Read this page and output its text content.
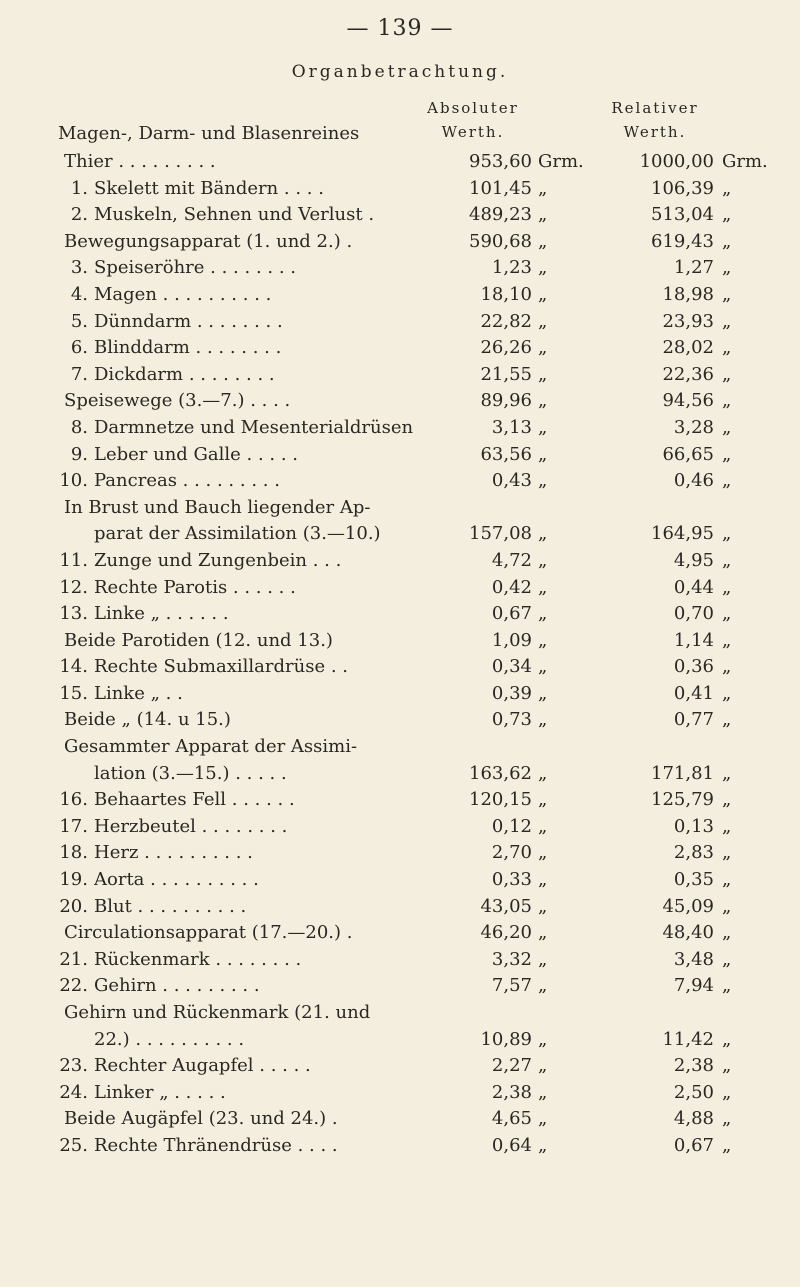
— 139 —
Organbetrachtung.
Absoluter
Werth.
Relativer
Werth.
Magen-, Darm- und Blasenreines
Thier . . . . . . . . .	953,60 Grm.	1000,00 Grm.
1. Skelett mit Bändern . . . .	101,45 „	106,39 „
2. Muskeln, Sehnen und Verlust .	489,23 „	513,04 „
Bewegungsapparat (1. und 2.) .	590,68 „	619,43 „
3. Speiseröhre . . . . . . . .	1,23 „	1,27 „
4. Magen . . . . . . . . . .	18,10 „	18,98 „
5. Dünndarm . . . . . . . .	22,82 „	23,93 „
6. Blinddarm . . . . . . . .	26,26 „	28,02 „
7. Dickdarm . . . . . . . .	21,55 „	22,36 „
Speisewege (3.—7.) . . . .	89,96 „	94,56 „
8. Darmnetze und Mesenterialdrüsen	3,13 „	3,28 „
9. Leber und Galle . . . . .	63,56 „	66,65 „
10. Pancreas . . . . . . . . .	0,43 „	0,46 „
In Brust und Bauch liegender Ap-
parat der Assimilation (3.—10.)	157,08 „	164,95 „
11. Zunge und Zungenbein . . .	4,72 „	4,95 „
12. Rechte Parotis . . . . . .	0,42 „	0,44 „
13. Linke „ . . . . . .	0,67 „	0,70 „
Beide Parotiden (12. und 13.)	1,09 „	1,14 „
14. Rechte Submaxillardrüse . .	0,34 „	0,36 „
15. Linke „ . .	0,39 „	0,41 „
Beide „ (14. u 15.)	0,73 „	0,77 „
Gesammter Apparat der Assimi-
lation (3.—15.) . . . . .	163,62 „	171,81 „
16. Behaartes Fell . . . . . .	120,15 „	125,79 „
17. Herzbeutel . . . . . . . .	0,12 „	0,13 „
18. Herz . . . . . . . . . .	2,70 „	2,83 „
19. Aorta . . . . . . . . . .	0,33 „	0,35 „
20. Blut . . . . . . . . . .	43,05 „	45,09 „
Circulationsapparat (17.—20.) .	46,20 „	48,40 „
21. Rückenmark . . . . . . . .	3,32 „	3,48 „
22. Gehirn . . . . . . . . .	7,57 „	7,94 „
Gehirn und Rückenmark (21. und
22.) . . . . . . . . . .	10,89 „	11,42 „
23. Rechter Augapfel . . . . .	2,27 „	2,38 „
24. Linker „ . . . . .	2,38 „	2,50 „
Beide Augäpfel (23. und 24.) .	4,65 „	4,88 „
25. Rechte Thränendrüse . . . .	0,64 „	0,67 „
